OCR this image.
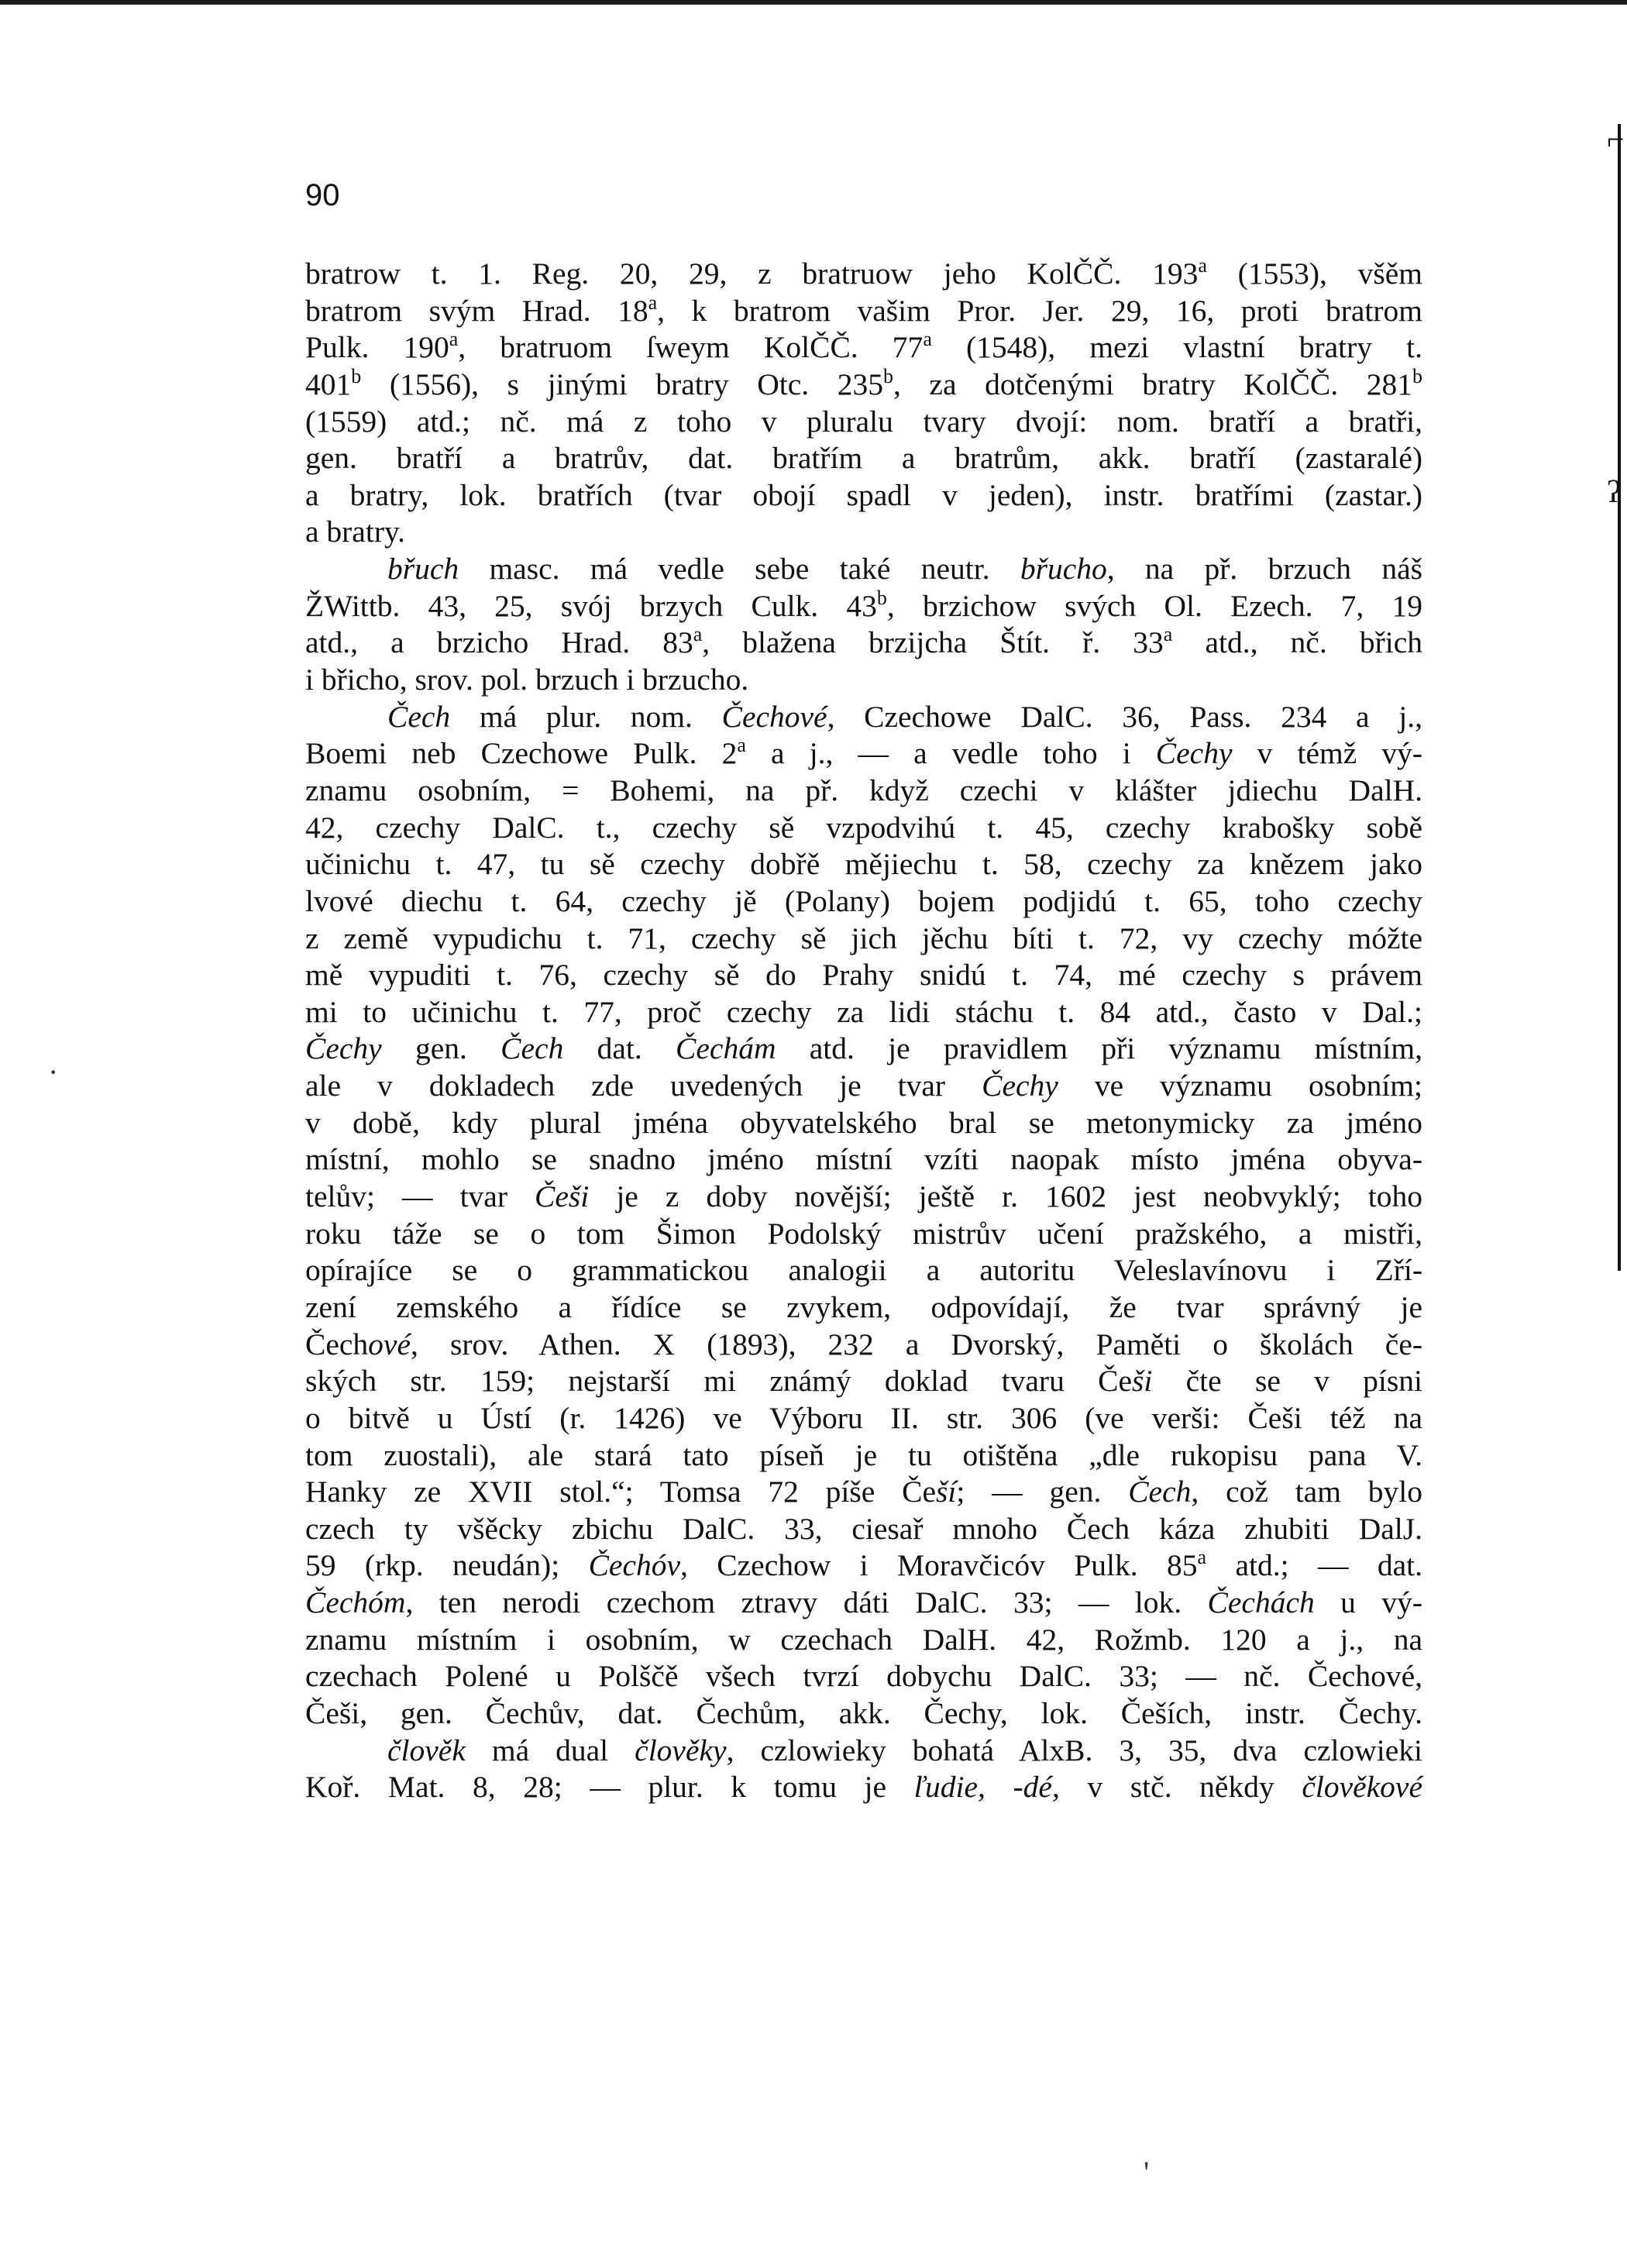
⌐
ʔ
90
bratrow t. 1. Reg. 20, 29, z bratruow jeho KolČČ. 193$^a$ (1553), všěm
bratrom svým Hrad. 18$^a$, k bratrom vašim Pror. Jer. 29, 16, proti bratrom
Pulk. 190$^a$, bratruom ſweym KolČČ. 77$^a$ (1548), mezi vlastní bratry t.
401$^b$ (1556), s jinými bratry Otc. 235$^b$, za dotčenými bratry KolČČ. 281$^b$
(1559) atd.; nč. má z toho v pluralu tvary dvojí: nom. bratří a bratři,
gen. bratří a bratrův, dat. bratřím a bratrům, akk. bratří (zastaralé)
a bratry, lok. bratřích (tvar obojí spadl v jeden), instr. bratřími (zastar.)
a bratry.
břuch masc. má vedle sebe také neutr. břucho, na př. brzuch náš
ŽWittb. 43, 25, svój brzych Culk. 43$^b$, brzichow svých Ol. Ezech. 7, 19
atd., a brzicho Hrad. 83$^a$, blažena brzijcha Štít. ř. 33$^a$ atd., nč. břich
i břicho, srov. pol. brzuch i brzucho.
Čech má plur. nom. Čechové, Czechowe DalC. 36, Pass. 234 a j.,
Boemi neb Czechowe Pulk. 2$^a$ a j., — a vedle toho i Čechy v témž vý-
znamu osobním, = Bohemi, na př. když czechi v klášter jdiechu DalH.
42, czechy DalC. t., czechy sě vzpodvihú t. 45, czechy krabošky sobě
učinichu t. 47, tu sě czechy dobřě mějiechu t. 58, czechy za knězem jako
lvové diechu t. 64, czechy jě (Polany) bojem podjidú t. 65, toho czechy
z země vypudichu t. 71, czechy sě jich jěchu bíti t. 72, vy czechy móžte
mě vypuditi t. 76, czechy sě do Prahy snidú t. 74, mé czechy s právem
mi to učinichu t. 77, proč czechy za lidi stáchu t. 84 atd., často v Dal.;
Čechy gen. Čech dat. Čechám atd. je pravidlem při významu místním,
ale v dokladech zde uvedených je tvar Čechy ve významu osobním;
v době, kdy plural jména obyvatelského bral se metonymicky za jméno
místní, mohlo se snadno jméno místní vzíti naopak místo jména obyva-
telův; — tvar Češi je z doby novější; ještě r. 1602 jest neobvyklý; toho
roku táže se o tom Šimon Podolský mistrův učení pražského, a mistři,
opírajíce se o grammatickou analogii a autoritu Veleslavínovu i Zří-
zení zemského a řídíce se zvykem, odpovídají, že tvar správný je
Čechové, srov. Athen. X (1893), 232 a Dvorský, Paměti o školách če-
ských str. 159; nejstarší mi známý doklad tvaru Češi čte se v písni
o bitvě u Ústí (r. 1426) ve Výboru II. str. 306 (ve verši: Češi též na
tom zuostali), ale stará tato píseň je tu otištěna „dle rukopisu pana V.
Hanky ze XVII stol.“; Tomsa 72 píše Češí; — gen. Čech, což tam bylo
czech ty všěcky zbichu DalC. 33, ciesař mnoho Čech káza zhubiti DalJ.
59 (rkp. neudán); Čechóv, Czechow i Moravčicóv Pulk. 85$^a$ atd.; — dat.
Čechóm, ten nerodi czechom ztravy dáti DalC. 33; — lok. Čechách u vý-
znamu místním i osobním, w czechach DalH. 42, Rožmb. 120 a j., na
czechach Polené u Polščě všech tvrzí dobychu DalC. 33; — nč. Čechové,
Češi, gen. Čechův, dat. Čechům, akk. Čechy, lok. Češích, instr. Čechy.
člověk má dual člověky, czlowieky bohatá AlxB. 3, 35, dva czlowieki
Koř. Mat. 8, 28; — plur. k tomu je ľudie, -dé, v stč. někdy člověkové
·
'
